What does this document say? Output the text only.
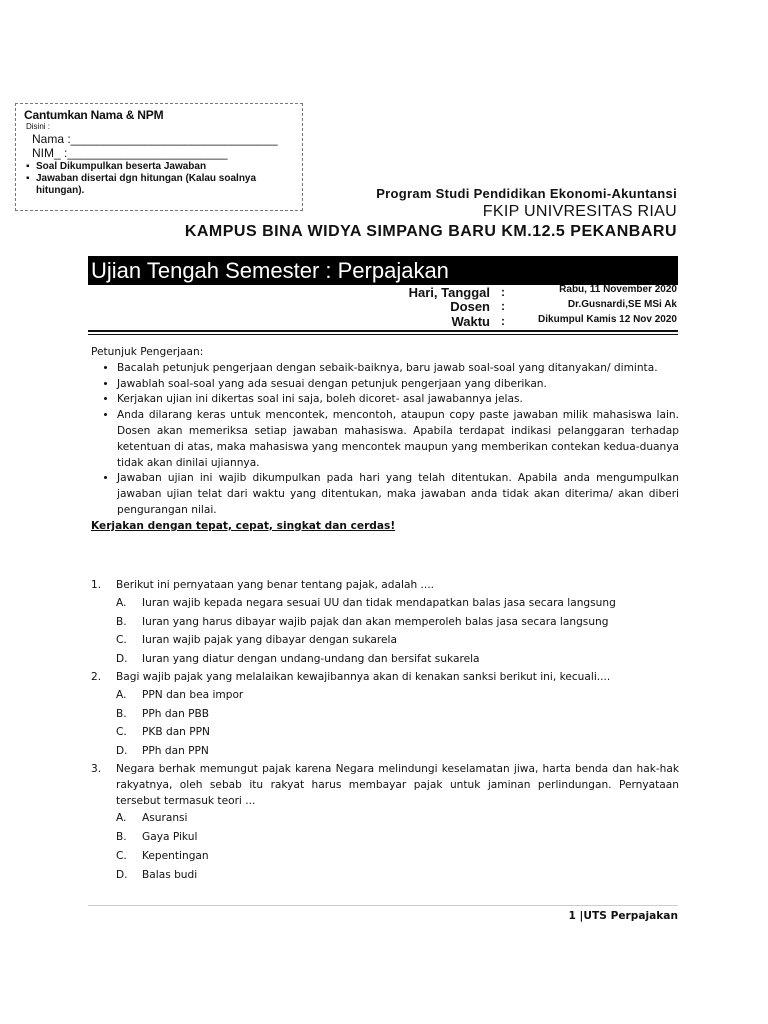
Cantumkan Nama & NPM
Disini :
Nama :_______________________________
NIM_ :________________________
▪ Soal Dikumpulkan beserta Jawaban
▪ Jawaban disertai dgn hitungan (Kalau soalnya hitungan).	Program Studi Pendidikan Ekonomi-Akuntansi
FKIP UNIVRESITAS RIAU
KAMPUS BINA WIDYA SIMPANG BARU KM.12.5 PEKANBARU
Ujian Tengah Semester : Perpajakan
Hari, Tanggal :	Rabu, 11 November 2020
Dosen :	Dr.Gusnardi,SE MSi Ak
Waktu :	Dikumpul Kamis 12 Nov 2020
Petunjuk Pengerjaan:
• Bacalah petunjuk pengerjaan dengan sebaik-baiknya, baru jawab soal-soal yang ditanyakan/ diminta.
• Jawablah soal-soal yang ada sesuai dengan petunjuk pengerjaan yang diberikan.
• Kerjakan ujian ini dikertas soal ini saja, boleh dicoret- asal jawabannya jelas.
• Anda dilarang keras untuk mencontek, mencontoh, ataupun copy paste jawaban milik mahasiswa lain. Dosen akan memeriksa setiap jawaban mahasiswa. Apabila terdapat indikasi pelanggaran terhadap ketentuan di atas, maka mahasiswa yang mencontek maupun yang memberikan contekan kedua-duanya tidak akan dinilai ujiannya.
• Jawaban ujian ini wajib dikumpulkan pada hari yang telah ditentukan. Apabila anda mengumpulkan jawaban ujian telat dari waktu yang ditentukan, maka jawaban anda tidak akan diterima/ akan diberi pengurangan nilai.
Kerjakan dengan tepat, cepat, singkat dan cerdas!
1. Berikut ini pernyataan yang benar tentang pajak, adalah ....
A. Iuran wajib kepada negara sesuai UU dan tidak mendapatkan balas jasa secara langsung
B. Iuran yang harus dibayar wajib pajak dan akan memperoleh balas jasa secara langsung
C. Iuran wajib pajak yang dibayar dengan sukarela
D. Iuran yang diatur dengan undang-undang dan bersifat sukarela
2. Bagi wajib pajak yang melalaikan kewajibannya akan di kenakan sanksi berikut ini, kecuali....
A. PPN dan bea impor
B. PPh dan PBB
C. PKB dan PPN
D. PPh dan PPN
3. Negara berhak memungut pajak karena Negara melindungi keselamatan jiwa, harta benda dan hak-hak rakyatnya, oleh sebab itu rakyat harus membayar pajak untuk jaminan perlindungan. Pernyataan tersebut termasuk teori ...
A. Asuransi
B. Gaya Pikul
C. Kepentingan
D. Balas budi
1 |UTS Perpajakan
